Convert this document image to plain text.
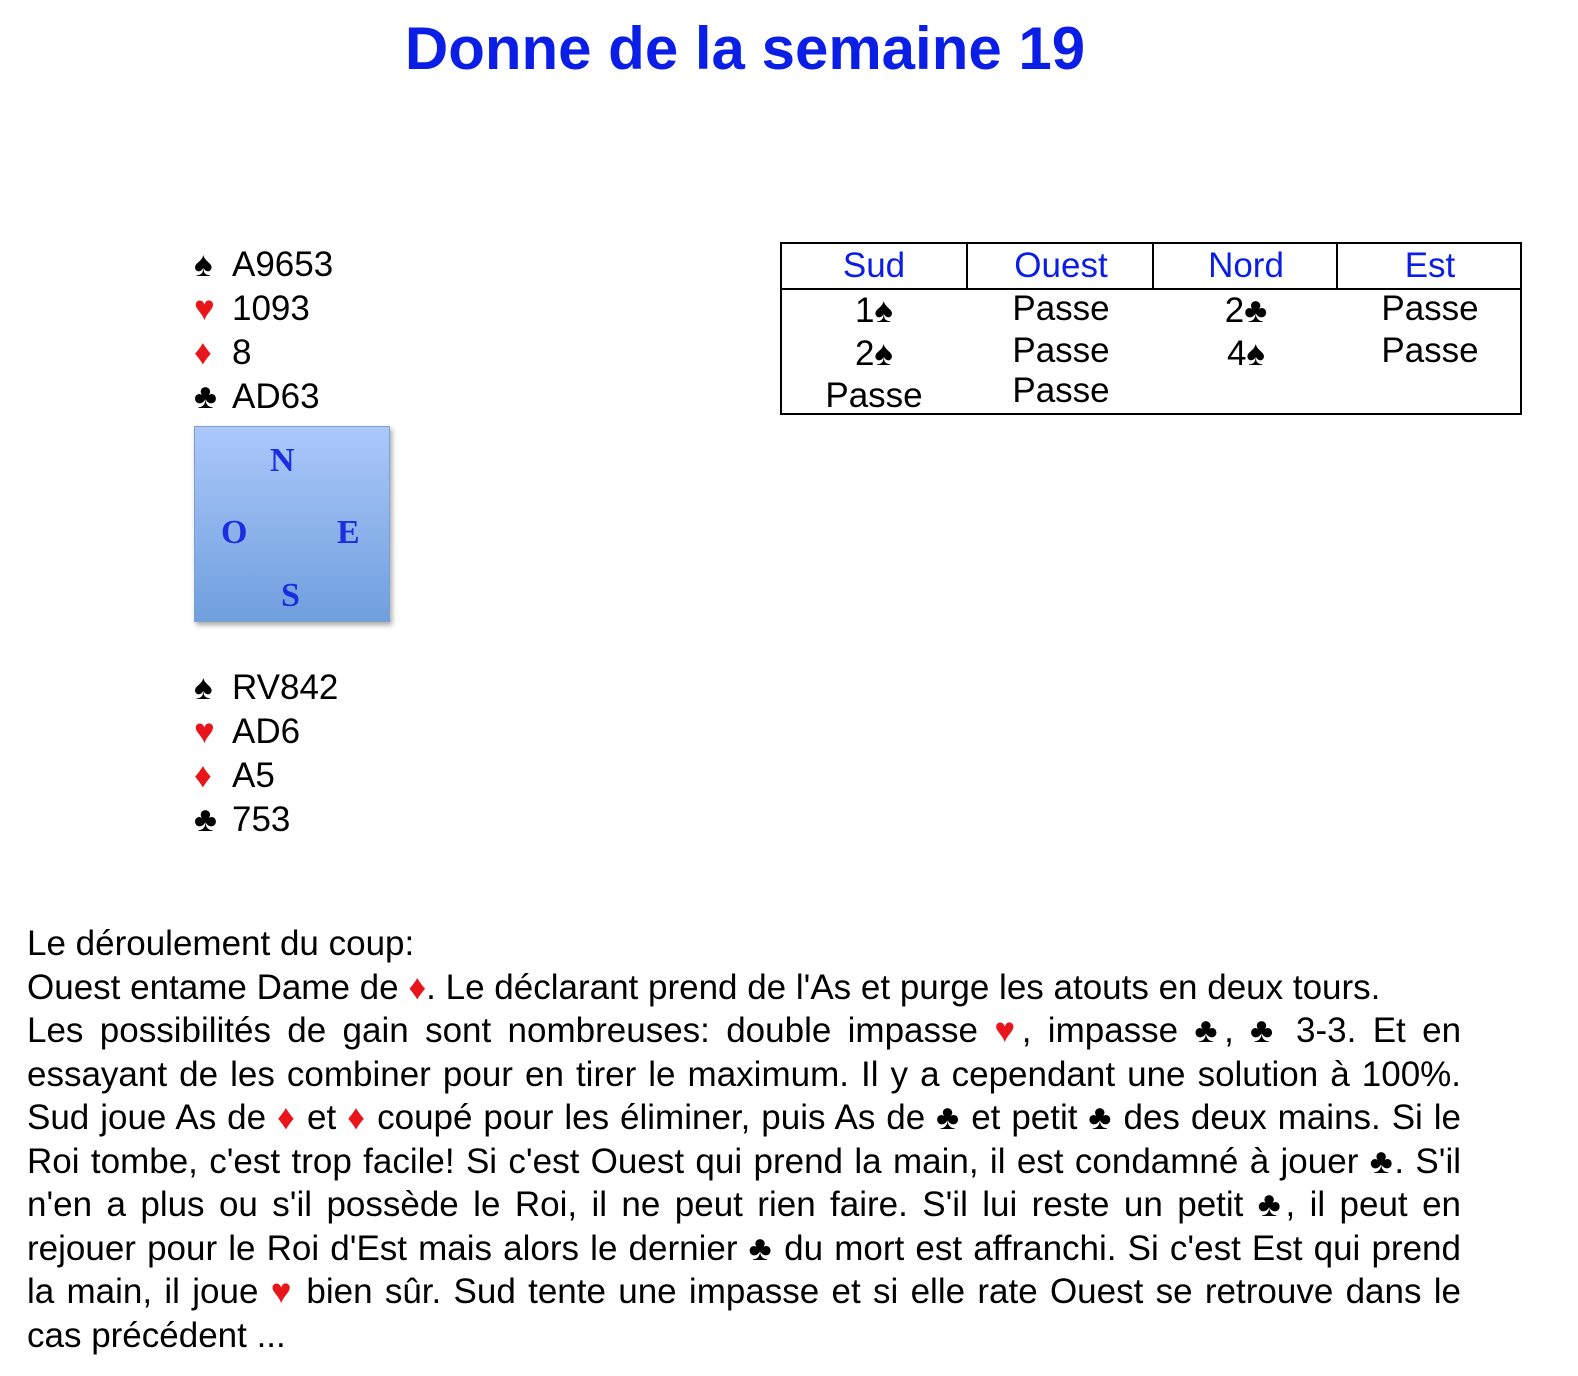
Donne de la semaine 19
♠ A9653
♥ 1093
♦ 8
♣ AD63
N
O	E
S
♠ RV842
♥ AD6
♦ A5
♣ 753
Sud	Ouest	Nord	Est
1♠	Passe	2♣	Passe
2♠	Passe	4♠	Passe
Passe	Passe

Le déroulement du coup:

Ouest entame Dame de ♦. Le déclarant prend de l'As et purge les atouts en deux tours.

Les possibilités de gain sont nombreuses: double impasse ♥, impasse ♣, ♣ 3-3. Et en essayant de les combiner pour en tirer le maximum. Il y a cependant une solution à 100%. Sud joue As de ♦ et ♦ coupé pour les éliminer, puis As de ♣ et petit ♣ des deux mains. Si le Roi tombe, c'est trop facile! Si c'est Ouest qui prend la main, il est condamné à jouer ♣. S'il n'en a plus ou s'il possède le Roi, il ne peut rien faire. S'il lui reste un petit ♣, il peut en rejouer pour le Roi d'Est mais alors le dernier ♣ du mort est affranchi. Si c'est Est qui prend la main, il joue ♥ bien sûr. Sud tente une impasse et si elle rate Ouest se retrouve dans le cas précédent ...
